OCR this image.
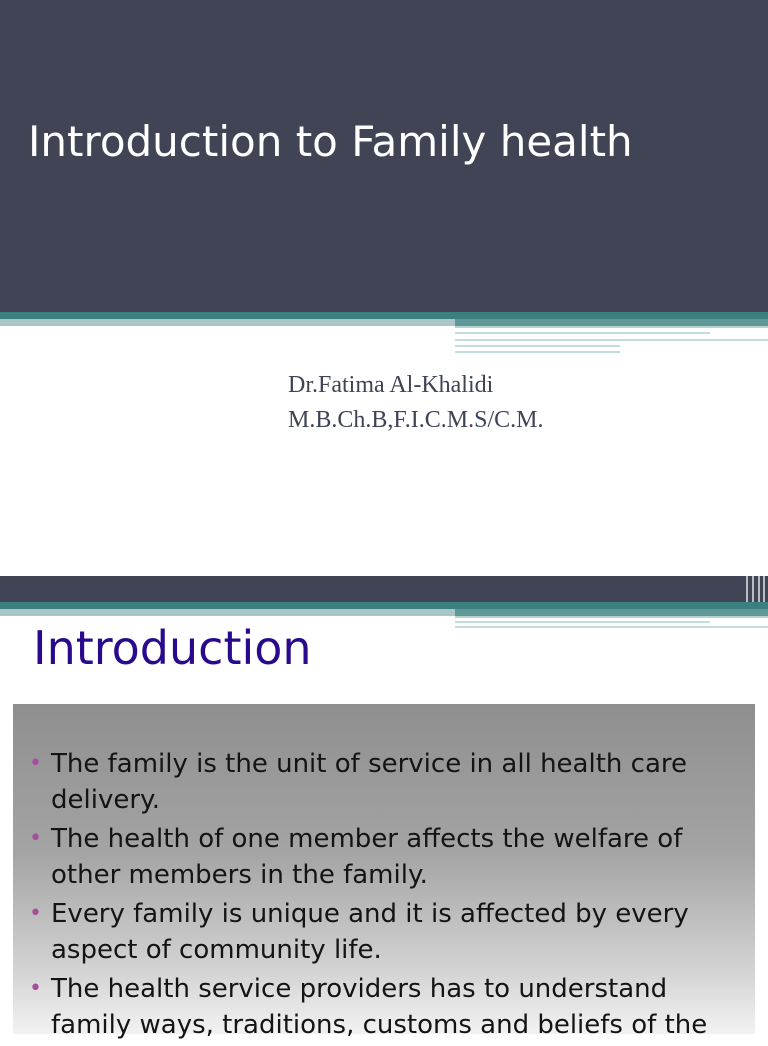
Introduction to Family health
Dr.Fatima Al-Khalidi
M.B.Ch.B,F.I.C.M.S/C.M.
Introduction
• The family is the unit of service in all health care delivery.
• The health of one member affects the welfare of other members in the family.
• Every family is unique and it is affected by every aspect of community life.
• The health service providers has to understand family ways, traditions, customs and beliefs of the
